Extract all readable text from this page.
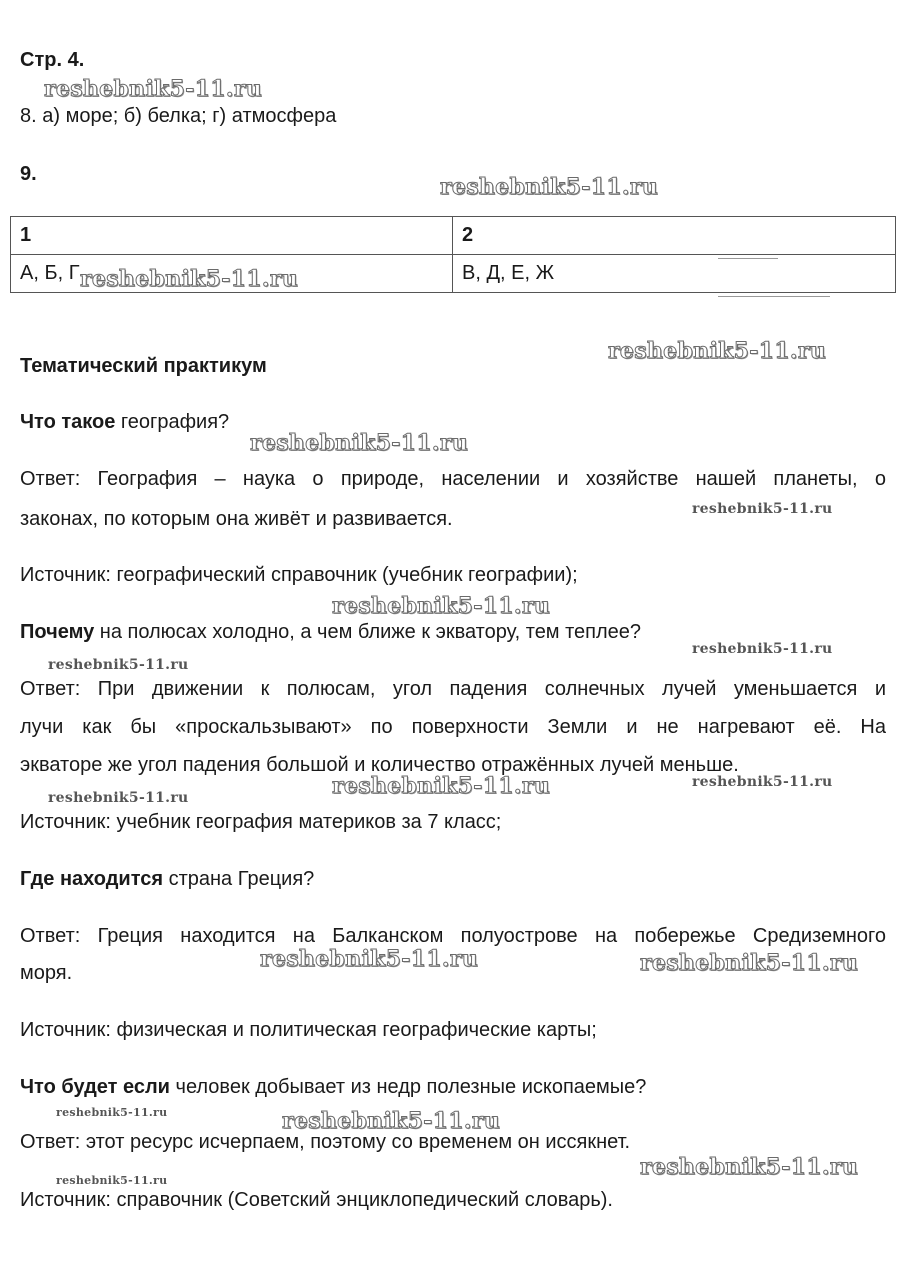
Стр. 4.
8. а) море; б) белка; г) атмосфера
9.
1	2
А, Б, Г	В, Д, Е, Ж
Тематический практикум
Что такое география?
Ответ: География – наука о природе, населении и хозяйстве нашей планеты, о
законах, по которым она живёт и развивается.
Источник: географический справочник (учебник географии);
Почему на полюсах холодно, а чем ближе к экватору, тем теплее?
Ответ: При движении к полюсам, угол падения солнечных лучей уменьшается и
лучи как бы «проскальзывают» по поверхности Земли и не нагревают её. На
экваторе же угол падения большой и количество отражённых лучей меньше.
Источник: учебник география материков за 7 класс;
Где находится страна Греция?
Ответ: Греция находится на Балканском полуострове на побережье Средиземного
моря.
Источник: физическая и политическая географические карты;
Что будет если человек добывает из недр полезные ископаемые?
Ответ: этот ресурс исчерпаем, поэтому со временем он иссякнет.
Источник: справочник (Советский энциклопедический словарь).
reshebnik5-11.ru
reshebnik5-11.ru
reshebnik5-11.ru
reshebnik5-11.ru
reshebnik5-11.ru
reshebnik5-11.ru
reshebnik5-11.ru
reshebnik5-11.ru
reshebnik5-11.ru
reshebnik5-11.ru	reshebnik5-11.ru
reshebnik5-11.ru
reshebnik5-11.ru	reshebnik5-11.ru
reshebnik5-11.ru	reshebnik5-11.ru
reshebnik5-11.ru
reshebnik5-11.ru
